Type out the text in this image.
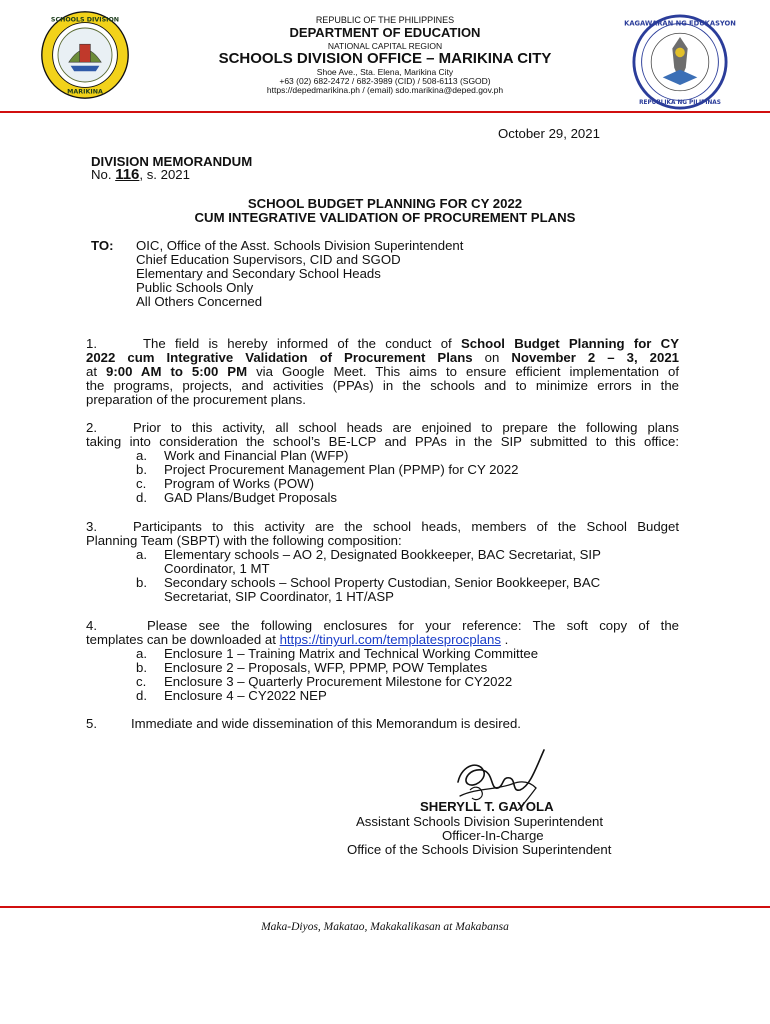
SCHOOLS DIVISION
MARIKINA
KAGAWARAN NG EDUKASYON
REPUBLIKA NG PILIPINAS
REPUBLIC OF THE PHILIPPINES
DEPARTMENT OF EDUCATION
NATIONAL CAPITAL REGION
SCHOOLS DIVISION OFFICE – MARIKINA CITY
Shoe Ave., Sta. Elena, Marikina City
+63 (02) 682-2472 / 682-3989 (CID) / 508-6113 (SGOD)
https://depedmarikina.ph / (email) sdo.marikina@deped.gov.ph
October 29, 2021
DIVISION MEMORANDUM
No. 116, s. 2021
SCHOOL BUDGET PLANNING FOR CY 2022
CUM INTEGRATIVE VALIDATION OF PROCUREMENT PLANS
TO: OIC, Office of the Asst. Schools Division Superintendent
Chief Education Supervisors, CID and SGOD
Elementary and Secondary School Heads
Public Schools Only
All Others Concerned
1.	The field is hereby informed of the conduct of School Budget Planning for CY
2022 cum Integrative Validation of Procurement Plans on November 2 – 3, 2021
at 9:00 AM to 5:00 PM via Google Meet. This aims to ensure efficient implementation of
the programs, projects, and activities (PPAs) in the schools and to minimize errors in the
preparation of the procurement plans.
2.	Prior to this activity, all school heads are enjoined to prepare the following plans
taking into consideration the school’s BE-LCP and PPAs in the SIP submitted to this office:
a. Work and Financial Plan (WFP)
b. Project Procurement Management Plan (PPMP) for CY 2022
c. Program of Works (POW)
d. GAD Plans/Budget Proposals
3.	Participants to this activity are the school heads, members of the School Budget
Planning Team (SBPT) with the following composition:
a. Elementary schools – AO 2, Designated Bookkeeper, BAC Secretariat, SIP
Coordinator, 1 MT
b. Secondary schools – School Property Custodian, Senior Bookkeeper, BAC
Secretariat, SIP Coordinator, 1 HT/ASP
4.	Please see the following enclosures for your reference: The soft copy of the
templates can be downloaded at https://tinyurl.com/templatesprocplans .
a. Enclosure 1 – Training Matrix and Technical Working Committee
b. Enclosure 2 – Proposals, WFP, PPMP, POW Templates
c. Enclosure 3 – Quarterly Procurement Milestone for CY2022
d. Enclosure 4 – CY2022 NEP
5.	Immediate and wide dissemination of this Memorandum is desired.
SHERYLL T. GAYOLA
Assistant Schools Division Superintendent
Officer-In-Charge
Office of the Schools Division Superintendent
Maka-Diyos, Makatao, Makakalikasan at Makabansa
